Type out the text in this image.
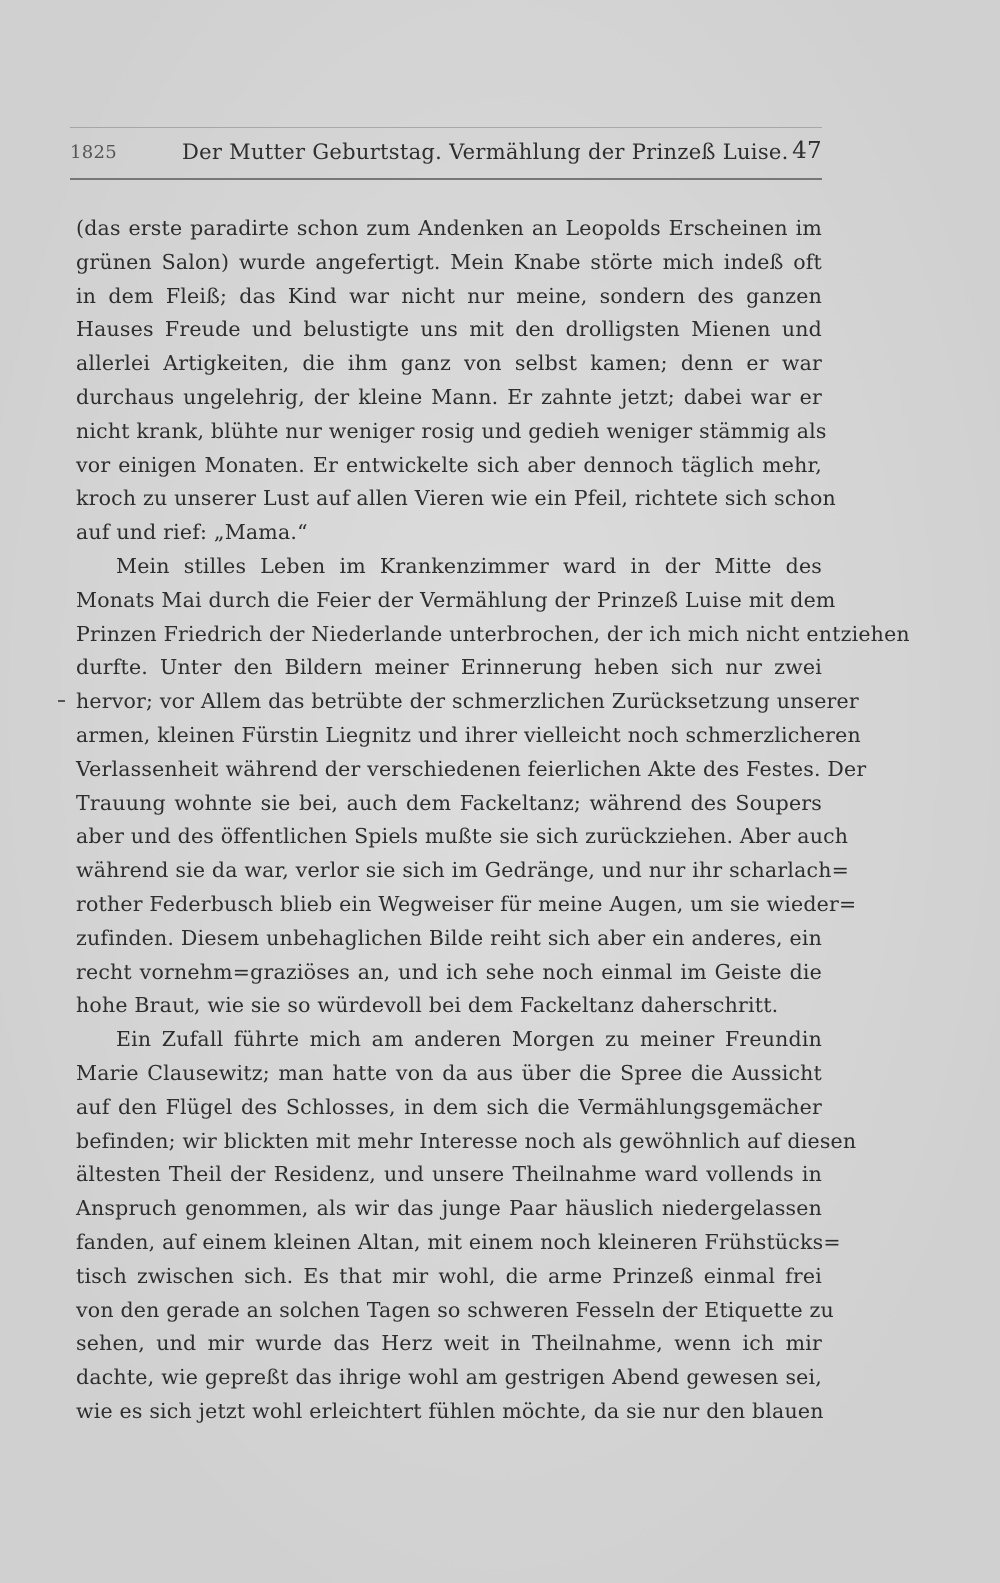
1825	Der Mutter Geburtstag. Vermählung der Prinzeß Luise. 47
(das erste paradirte schon zum Andenken an Leopolds Erscheinen im
grünen Salon) wurde angefertigt. Mein Knabe störte mich indeß oft
in dem Fleiß; das Kind war nicht nur meine, sondern des ganzen
Hauses Freude und belustigte uns mit den drolligsten Mienen und
allerlei Artigkeiten, die ihm ganz von selbst kamen; denn er war
durchaus ungelehrig, der kleine Mann. Er zahnte jetzt; dabei war er
nicht krank, blühte nur weniger rosig und gedieh weniger stämmig als
vor einigen Monaten. Er entwickelte sich aber dennoch täglich mehr,
kroch zu unserer Lust auf allen Vieren wie ein Pfeil, richtete sich schon
auf und rief: „Mama.“
Mein stilles Leben im Krankenzimmer ward in der Mitte des
Monats Mai durch die Feier der Vermählung der Prinzeß Luise mit dem
Prinzen Friedrich der Niederlande unterbrochen, der ich mich nicht entziehen
durfte. Unter den Bildern meiner Erinnerung heben sich nur zwei
hervor; vor Allem das betrübte der schmerzlichen Zurücksetzung unserer
armen, kleinen Fürstin Liegnitz und ihrer vielleicht noch schmerzlicheren
Verlassenheit während der verschiedenen feierlichen Akte des Festes. Der
Trauung wohnte sie bei, auch dem Fackeltanz; während des Soupers
aber und des öffentlichen Spiels mußte sie sich zurückziehen. Aber auch
während sie da war, verlor sie sich im Gedränge, und nur ihr scharlach=
rother Federbusch blieb ein Wegweiser für meine Augen, um sie wieder=
zufinden. Diesem unbehaglichen Bilde reiht sich aber ein anderes, ein
recht vornehm=graziöses an, und ich sehe noch einmal im Geiste die
hohe Braut, wie sie so würdevoll bei dem Fackeltanz daherschritt.
Ein Zufall führte mich am anderen Morgen zu meiner Freundin
Marie Clausewitz; man hatte von da aus über die Spree die Aussicht
auf den Flügel des Schlosses, in dem sich die Vermählungsgemächer
befinden; wir blickten mit mehr Interesse noch als gewöhnlich auf diesen
ältesten Theil der Residenz, und unsere Theilnahme ward vollends in
Anspruch genommen, als wir das junge Paar häuslich niedergelassen
fanden, auf einem kleinen Altan, mit einem noch kleineren Frühstücks=
tisch zwischen sich. Es that mir wohl, die arme Prinzeß einmal frei
von den gerade an solchen Tagen so schweren Fesseln der Etiquette zu
sehen, und mir wurde das Herz weit in Theilnahme, wenn ich mir
dachte, wie gepreßt das ihrige wohl am gestrigen Abend gewesen sei,
wie es sich jetzt wohl erleichtert fühlen möchte, da sie nur den blauen
